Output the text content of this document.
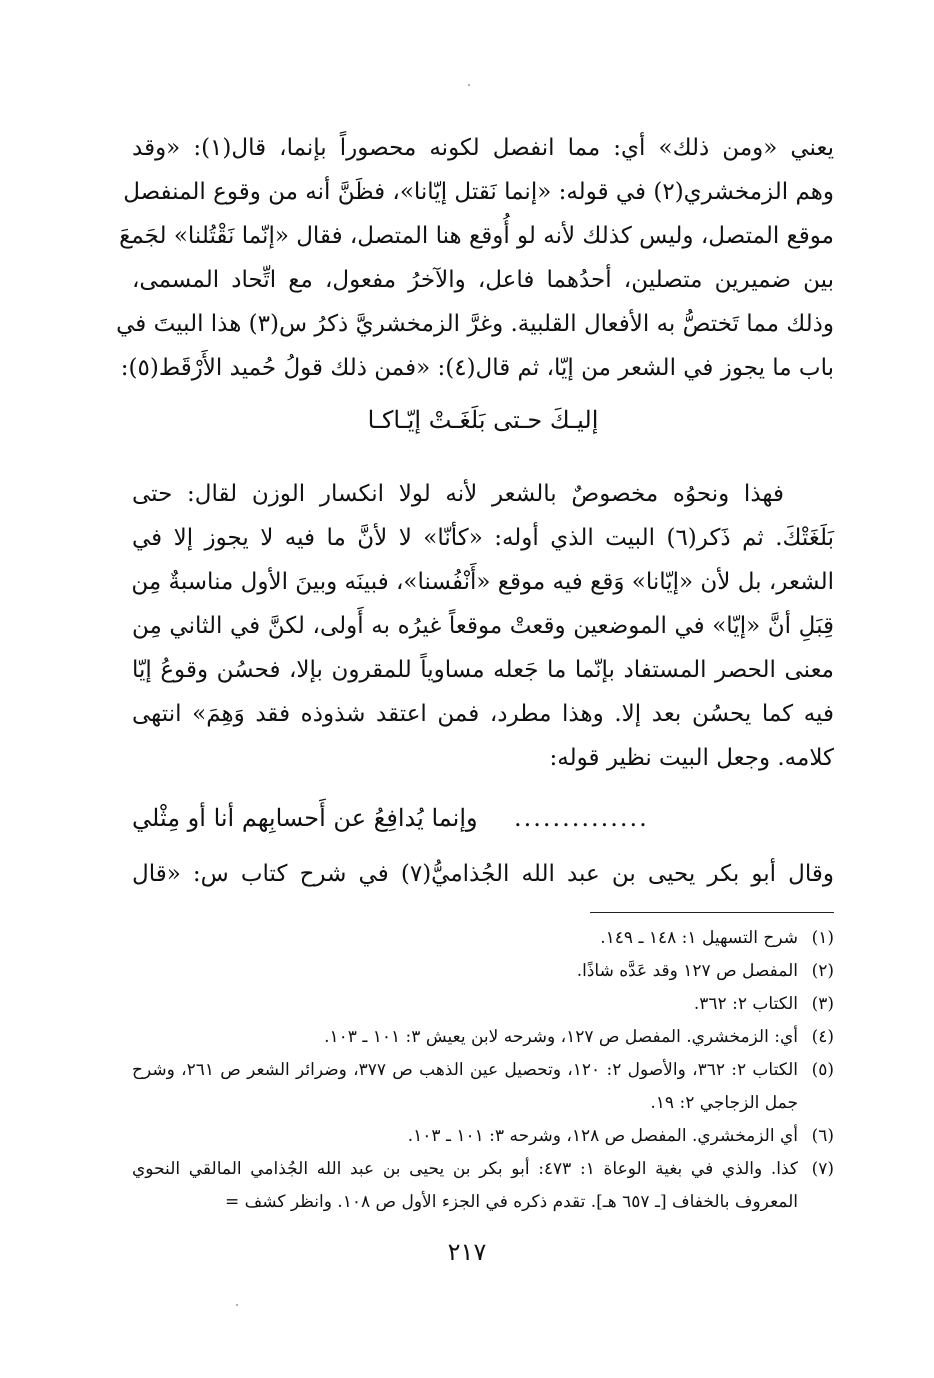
يعني «ومن ذلك» أي: مما انفصل لكونه محصوراً بإنما، قال(١): «وقد
وهم الزمخشري(٢) في قوله: «إنما نَقتل إيّانا»، فظَنَّ أنه من وقوع المنفصل
موقع المتصل، وليس كذلك لأنه لو أُوقع هنا المتصل، فقال «إنّما نَقْتُلنا» لجَمعَ
بين ضميرين متصلين، أحدُهما فاعل، والآخرُ مفعول، مع اتِّحاد المسمى،
وذلك مما تَختصُّ به الأفعال القلبية. وغرَّ الزمخشريَّ ذكرُ س(٣) هذا البيتَ في
باب ما يجوز في الشعر من إيّا، ثم قال(٤): «فمن ذلك قولُ حُميد الأَرْقَط(٥):
إليـكَ حـتى بَلَغَـتْ إيّـاكـا
فهذا ونحوُه مخصوصٌ بالشعر لأنه لولا انكسار الوزن لقال: حتى
بَلَغَتْكَ. ثم ذَكر(٦) البيت الذي أوله: «كأنّا» لا لأنَّ ما فيه لا يجوز إلا في
الشعر، بل لأن «إيّانا» وَقع فيه موقع «أَنْفُسنا»، فبينَه وبينَ الأول مناسبةٌ مِن
قِبَلِ أنَّ «إيّا» في الموضعين وقعتْ موقعاً غيرُه به أَولى، لكنَّ في الثاني مِن
معنى الحصر المستفاد بإنّما ما جَعله مساوياً للمقرون بإلا، فحسُن وقوعُ إيّا
فيه كما يحسُن بعد إلا. وهذا مطرد، فمن اعتقد شذوذه فقد وَهِمَ» انتهى
كلامه. وجعل البيت نظير قوله:
..............
وإنما يُدافِعُ عن أَحسابِهم أنا أو مِثْلي
وقال أبو بكر يحيى بن عبد الله الجُذاميُّ(٧) في شرح كتاب س: «قال
(١)
شرح التسهيل ١: ١٤٨ ـ ١٤٩.
(٢)
المفصل ص ١٢٧ وقد عَدَّه شاذًا.
(٣)
الكتاب ٢: ٣٦٢.
(٤)
أي: الزمخشري. المفصل ص ١٢٧، وشرحه لابن يعيش ٣: ١٠١ ـ ١٠٣.
(٥)
الكتاب ٢: ٣٦٢، والأصول ٢: ١٢٠، وتحصيل عين الذهب ص ٣٧٧، وضرائر الشعر ص ٢٦١، وشرح جمل الزجاجي ٢: ١٩.
(٦)
أي الزمخشري. المفصل ص ١٢٨، وشرحه ٣: ١٠١ ـ ١٠٣.
(٧)
كذا. والذي في بغية الوعاة ١: ٤٧٣: أبو بكر بن يحيى بن عبد الله الجُذامي المالقي النحوي المعروف بالخفاف [ـ ٦٥٧ هـ]. تقدم ذكره في الجزء الأول ص ١٠٨. وانظر كشف =
٢١٧
